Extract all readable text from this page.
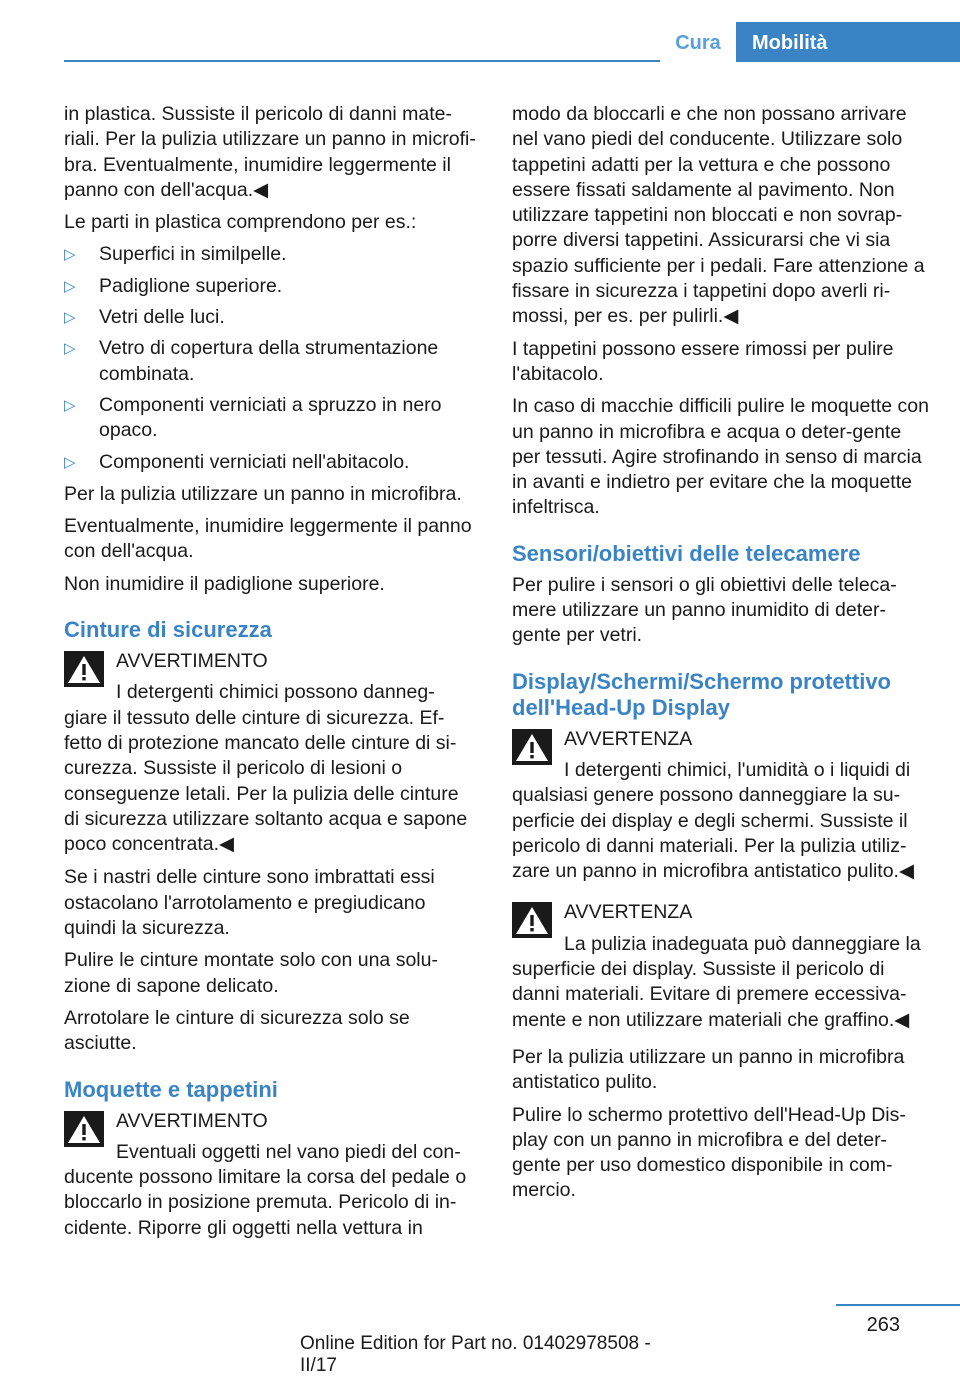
Cura	Mobilità

in plastica. Sussiste il pericolo di danni mate‐riali. Per la pulizia utilizzare un panno in microfi‐bra. Eventualmente, inumidire leggermente il panno con dell'acqua.◀

Le parti in plastica comprendono per es.:

▷ Superfici in similpelle.
▷ Padiglione superiore.
▷ Vetri delle luci.
▷ Vetro di copertura della strumentazione combinata.
▷ Componenti verniciati a spruzzo in nero opaco.
▷ Componenti verniciati nell'abitacolo.

Per la pulizia utilizzare un panno in microfibra.

Eventualmente, inumidire leggermente il panno con dell'acqua.

Non inumidire il padiglione superiore.

Cinture di sicurezza
AVVERTIMENTO
I detergenti chimici possono danneg‐giare il tessuto delle cinture di sicurezza. Ef‐fetto di protezione mancato delle cinture di si‐curezza. Sussiste il pericolo di lesioni o conseguenze letali. Per la pulizia delle cinture di sicurezza utilizzare soltanto acqua e sapone poco concentrata.◀

Se i nastri delle cinture sono imbrattati essi ostacolano l'arrotolamento e pregiudicano quindi la sicurezza.

Pulire le cinture montate solo con una solu‐zione di sapone delicato.

Arrotolare le cinture di sicurezza solo se asciutte.

Moquette e tappetini
AVVERTIMENTO
Eventuali oggetti nel vano piedi del con‐ducente possono limitare la corsa del pedale o bloccarlo in posizione premuta. Pericolo di in‐cidente. Riporre gli oggetti nella vettura in

modo da bloccarli e che non possano arrivare nel vano piedi del conducente. Utilizzare solo tappetini adatti per la vettura e che possono essere fissati saldamente al pavimento. Non utilizzare tappetini non bloccati e non sovrap‐porre diversi tappetini. Assicurarsi che vi sia spazio sufficiente per i pedali. Fare attenzione a fissare in sicurezza i tappetini dopo averli ri‐mossi, per es. per pulirli.◀

I tappetini possono essere rimossi per pulire l'abitacolo.

In caso di macchie difficili pulire le moquette con un panno in microfibra e acqua o deter‐gente per tessuti. Agire strofinando in senso di marcia in avanti e indietro per evitare che la moquette infeltrisca.

Sensori/obiettivi delle telecamere

Per pulire i sensori o gli obiettivi delle teleca‐mere utilizzare un panno inumidito di deter‐gente per vetri.

Display/Schermi/Schermo protettivo dell'Head-Up Display
AVVERTENZA
I detergenti chimici, l'umidità o i liquidi di qualsiasi genere possono danneggiare la su‐perficie dei display e degli schermi. Sussiste il pericolo di danni materiali. Per la pulizia utiliz‐zare un panno in microfibra antistatico pulito.◀
AVVERTENZA
La pulizia inadeguata può danneggiare la superficie dei display. Sussiste il pericolo di danni materiali. Evitare di premere eccessiva‐mente e non utilizzare materiali che graffino.◀

Per la pulizia utilizzare un panno in microfibra antistatico pulito.

Pulire lo schermo protettivo dell'Head-Up Dis‐play con un panno in microfibra e del deter‐gente per uso domestico disponibile in com‐mercio.

263
Online Edition for Part no. 01402978508 - II/17
